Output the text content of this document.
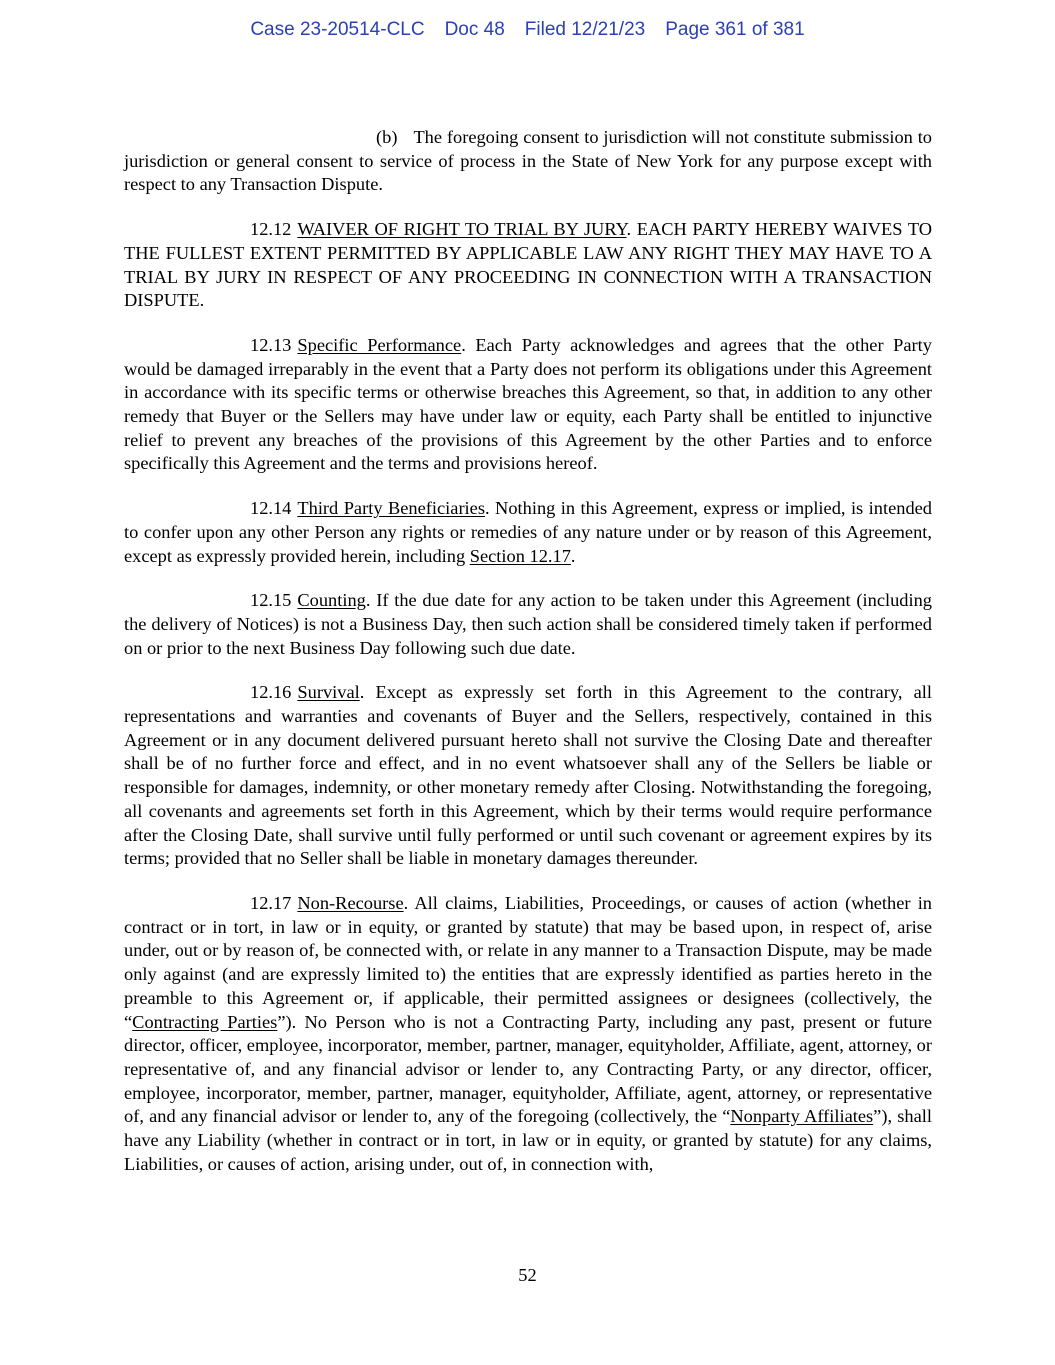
Case 23-20514-CLC Doc 48 Filed 12/21/23 Page 361 of 381

(b) The foregoing consent to jurisdiction will not constitute submission to jurisdiction or general consent to service of process in the State of New York for any purpose except with respect to any Transaction Dispute.

12.12 WAIVER OF RIGHT TO TRIAL BY JURY. EACH PARTY HEREBY WAIVES TO THE FULLEST EXTENT PERMITTED BY APPLICABLE LAW ANY RIGHT THEY MAY HAVE TO A TRIAL BY JURY IN RESPECT OF ANY PROCEEDING IN CONNECTION WITH A TRANSACTION DISPUTE.

12.13 Specific Performance. Each Party acknowledges and agrees that the other Party would be damaged irreparably in the event that a Party does not perform its obligations under this Agreement in accordance with its specific terms or otherwise breaches this Agreement, so that, in addition to any other remedy that Buyer or the Sellers may have under law or equity, each Party shall be entitled to injunctive relief to prevent any breaches of the provisions of this Agreement by the other Parties and to enforce specifically this Agreement and the terms and provisions hereof.

12.14 Third Party Beneficiaries. Nothing in this Agreement, express or implied, is intended to confer upon any other Person any rights or remedies of any nature under or by reason of this Agreement, except as expressly provided herein, including Section 12.17.

12.15 Counting. If the due date for any action to be taken under this Agreement (including the delivery of Notices) is not a Business Day, then such action shall be considered timely taken if performed on or prior to the next Business Day following such due date.

12.16 Survival. Except as expressly set forth in this Agreement to the contrary, all representations and warranties and covenants of Buyer and the Sellers, respectively, contained in this Agreement or in any document delivered pursuant hereto shall not survive the Closing Date and thereafter shall be of no further force and effect, and in no event whatsoever shall any of the Sellers be liable or responsible for damages, indemnity, or other monetary remedy after Closing. Notwithstanding the foregoing, all covenants and agreements set forth in this Agreement, which by their terms would require performance after the Closing Date, shall survive until fully performed or until such covenant or agreement expires by its terms; provided that no Seller shall be liable in monetary damages thereunder.

12.17 Non-Recourse. All claims, Liabilities, Proceedings, or causes of action (whether in contract or in tort, in law or in equity, or granted by statute) that may be based upon, in respect of, arise under, out or by reason of, be connected with, or relate in any manner to a Transaction Dispute, may be made only against (and are expressly limited to) the entities that are expressly identified as parties hereto in the preamble to this Agreement or, if applicable, their permitted assignees or designees (collectively, the “Contracting Parties”). No Person who is not a Contracting Party, including any past, present or future director, officer, employee, incorporator, member, partner, manager, equityholder, Affiliate, agent, attorney, or representative of, and any financial advisor or lender to, any Contracting Party, or any director, officer, employee, incorporator, member, partner, manager, equityholder, Affiliate, agent, attorney, or representative of, and any financial advisor or lender to, any of the foregoing (collectively, the “Nonparty Affiliates”), shall have any Liability (whether in contract or in tort, in law or in equity, or granted by statute) for any claims, Liabilities, or causes of action, arising under, out of, in connection with,

52
